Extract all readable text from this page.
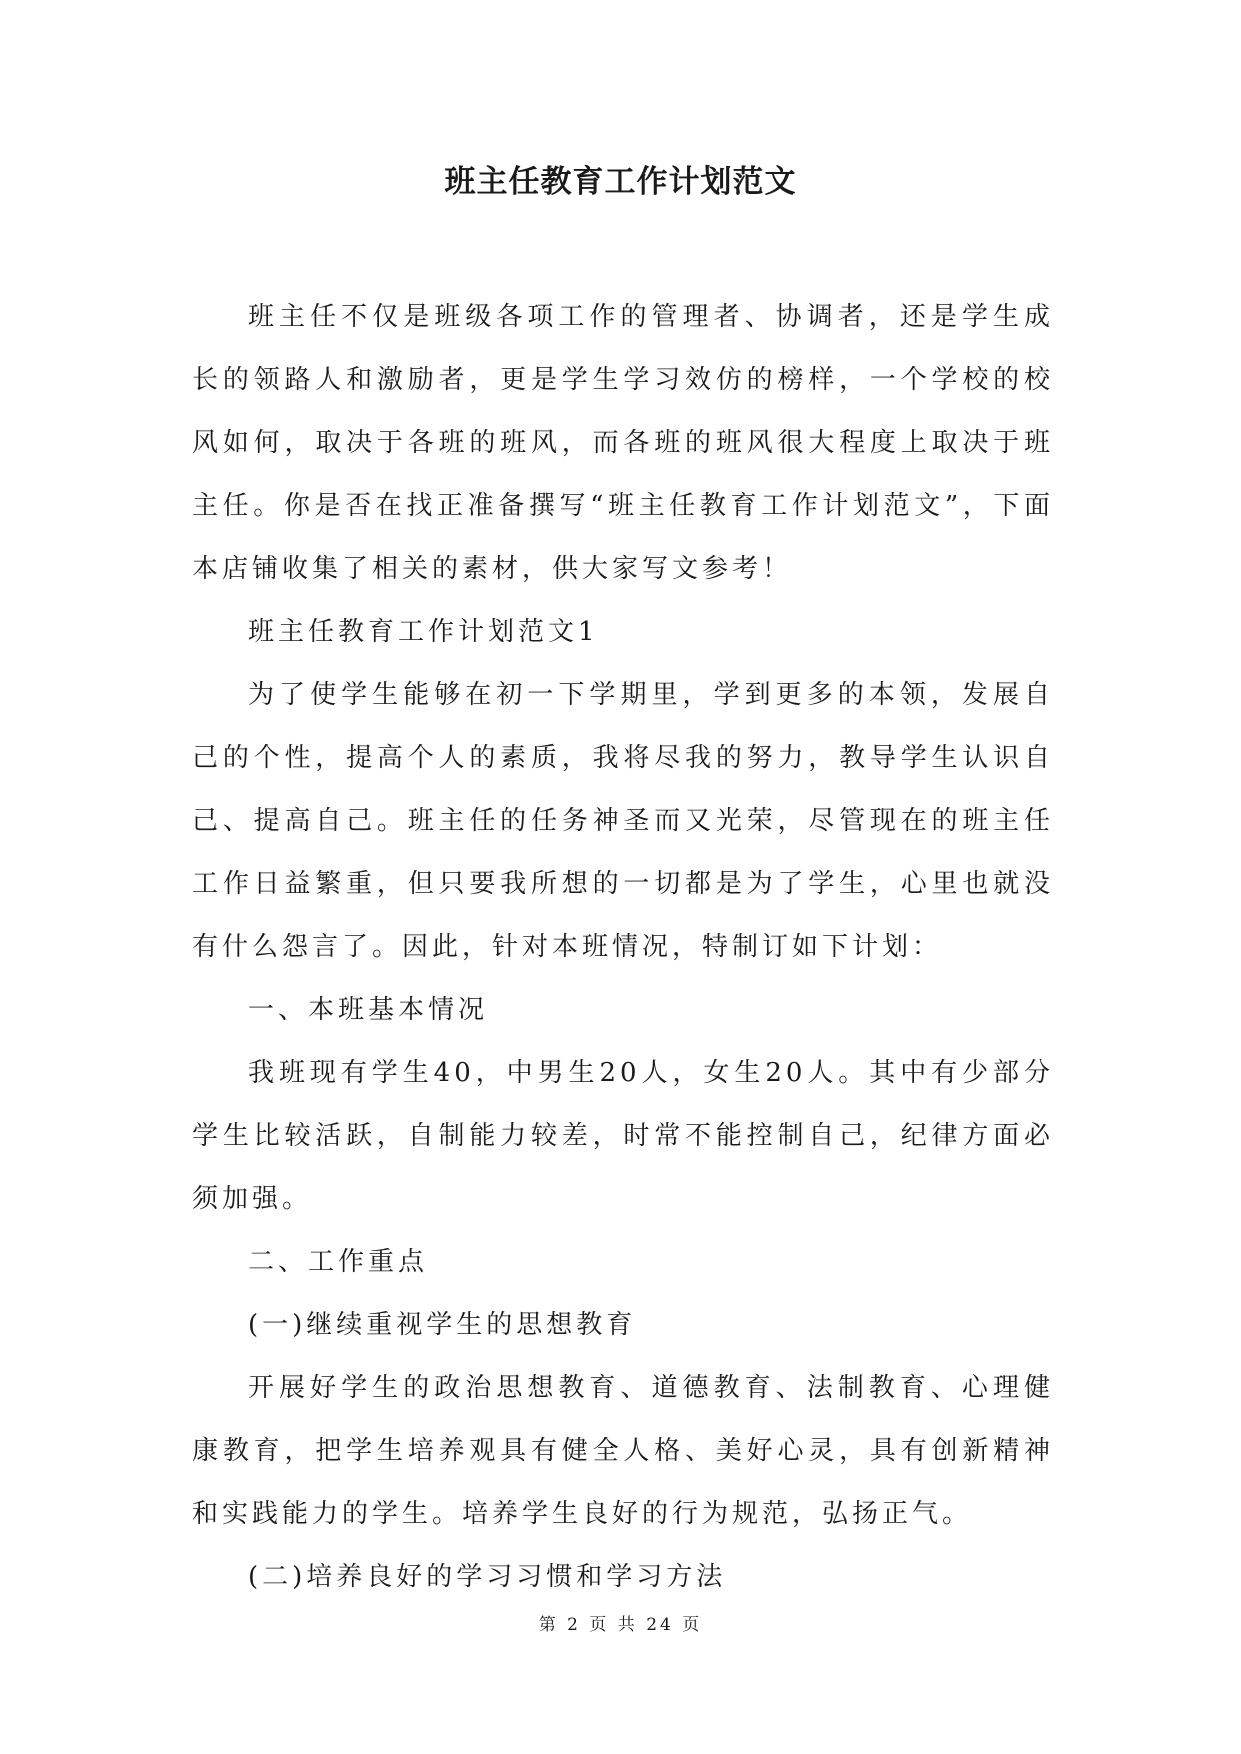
班主任教育工作计划范文

班主任不仅是班级各项工作的管理者、协调者，还是学生成长的领路人和激励者，更是学生学习效仿的榜样，一个学校的校风如何，取决于各班的班风，而各班的班风很大程度上取决于班主任。你是否在找正准备撰写“班主任教育工作计划范文”，下面本店铺收集了相关的素材，供大家写文参考！

班主任教育工作计划范文1

为了使学生能够在初一下学期里，学到更多的本领，发展自己的个性，提高个人的素质，我将尽我的努力，教导学生认识自己、提高自己。班主任的任务神圣而又光荣，尽管现在的班主任工作日益繁重，但只要我所想的一切都是为了学生，心里也就没有什么怨言了。因此，针对本班情况，特制订如下计划：

一、本班基本情况

我班现有学生40，中男生20人，女生20人。其中有少部分学生比较活跃，自制能力较差，时常不能控制自己，纪律方面必须加强。

二、工作重点

(一)继续重视学生的思想教育

开展好学生的政治思想教育、道德教育、法制教育、心理健康教育，把学生培养观具有健全人格、美好心灵，具有创新精神和实践能力的学生。培养学生良好的行为规范，弘扬正气。

(二)培养良好的学习习惯和学习方法

第 2 页 共 24 页
